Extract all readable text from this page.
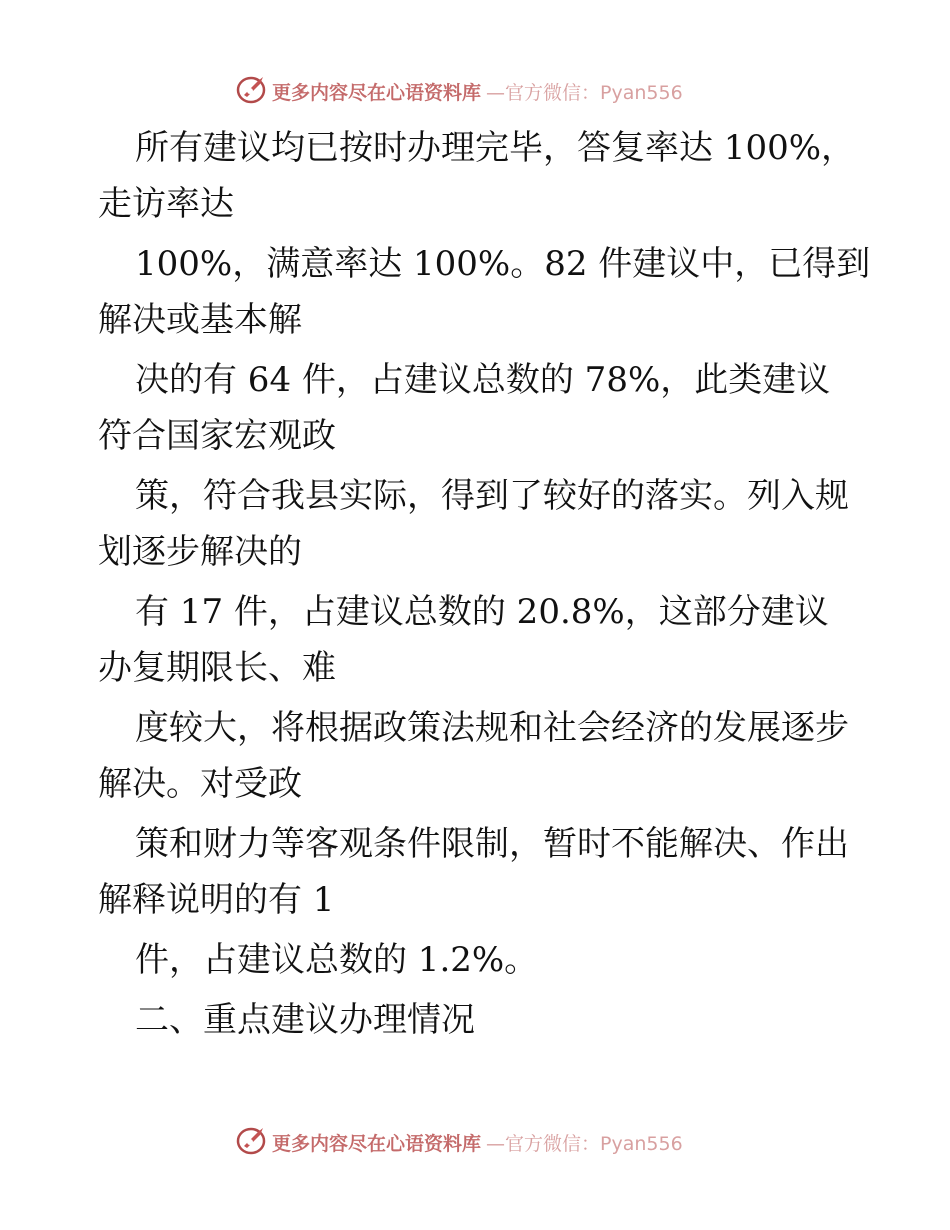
更多内容尽在心语资料库 —官方微信：Pyan556
所有建议均已按时办理完毕，答复率达 100%，
走访率达
100%，满意率达 100%。82 件建议中，已得到
解决或基本解
决的有 64 件，占建议总数的 78%，此类建议
符合国家宏观政
策，符合我县实际，得到了较好的落实。列入规
划逐步解决的
有 17 件，占建议总数的 20.8%，这部分建议
办复期限长、难
度较大，将根据政策法规和社会经济的发展逐步
解决。对受政
策和财力等客观条件限制，暂时不能解决、作出
解释说明的有 1
件，占建议总数的 1.2%。
二、重点建议办理情况
更多内容尽在心语资料库 —官方微信：Pyan556
